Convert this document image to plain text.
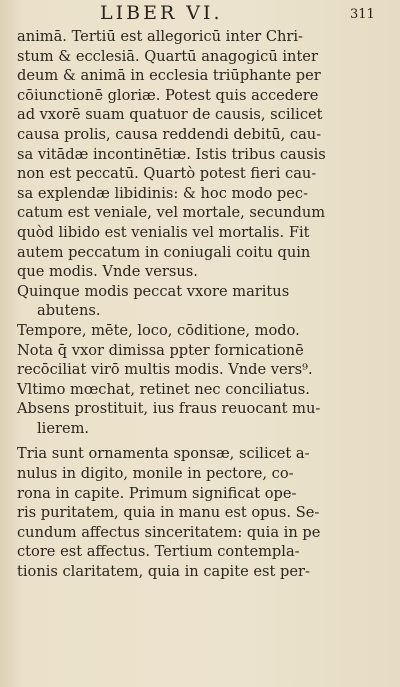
LIBER VI.	311
animā. Tertiū est allegoricū inter Chri-
stum & ecclesiā. Quartū anagogicū inter
deum & animā in ecclesia triūphante per
cōiunctionē gloriæ. Potest quis accedere
ad vxorē suam quatuor de causis, scilicet
causa prolis, causa reddendi debitū, cau-
sa vitādæ incontinētiæ. Istis tribus causis
non est peccatū. Quartò potest fieri cau-
sa explendæ libidinis: & hoc modo pec-
catum est veniale, vel mortale, secundum
quòd libido est venialis vel mortalis. Fit
autem peccatum in coniugali coitu quin
que modis. Vnde versus.
Quinque modis peccat vxore maritus
abutens.
Tempore, mēte, loco, cōditione, modo.
Nota q̄ vxor dimissa ppter fornicationē
recōciliat virō multis modis. Vnde vers⁹.
Vltimo mœchat, retinet nec conciliatus.
Absens prostituit, ius fraus reuocant mu-
lierem.
Tria sunt ornamenta sponsæ, scilicet a-
nulus in digito, monile in pectore, co-
rona in capite. Primum significat ope-
ris puritatem, quia in manu est opus. Se-
cundum affectus sinceritatem: quia in pe
ctore est affectus. Tertium contempla-
tionis claritatem, quia in capite est per-
